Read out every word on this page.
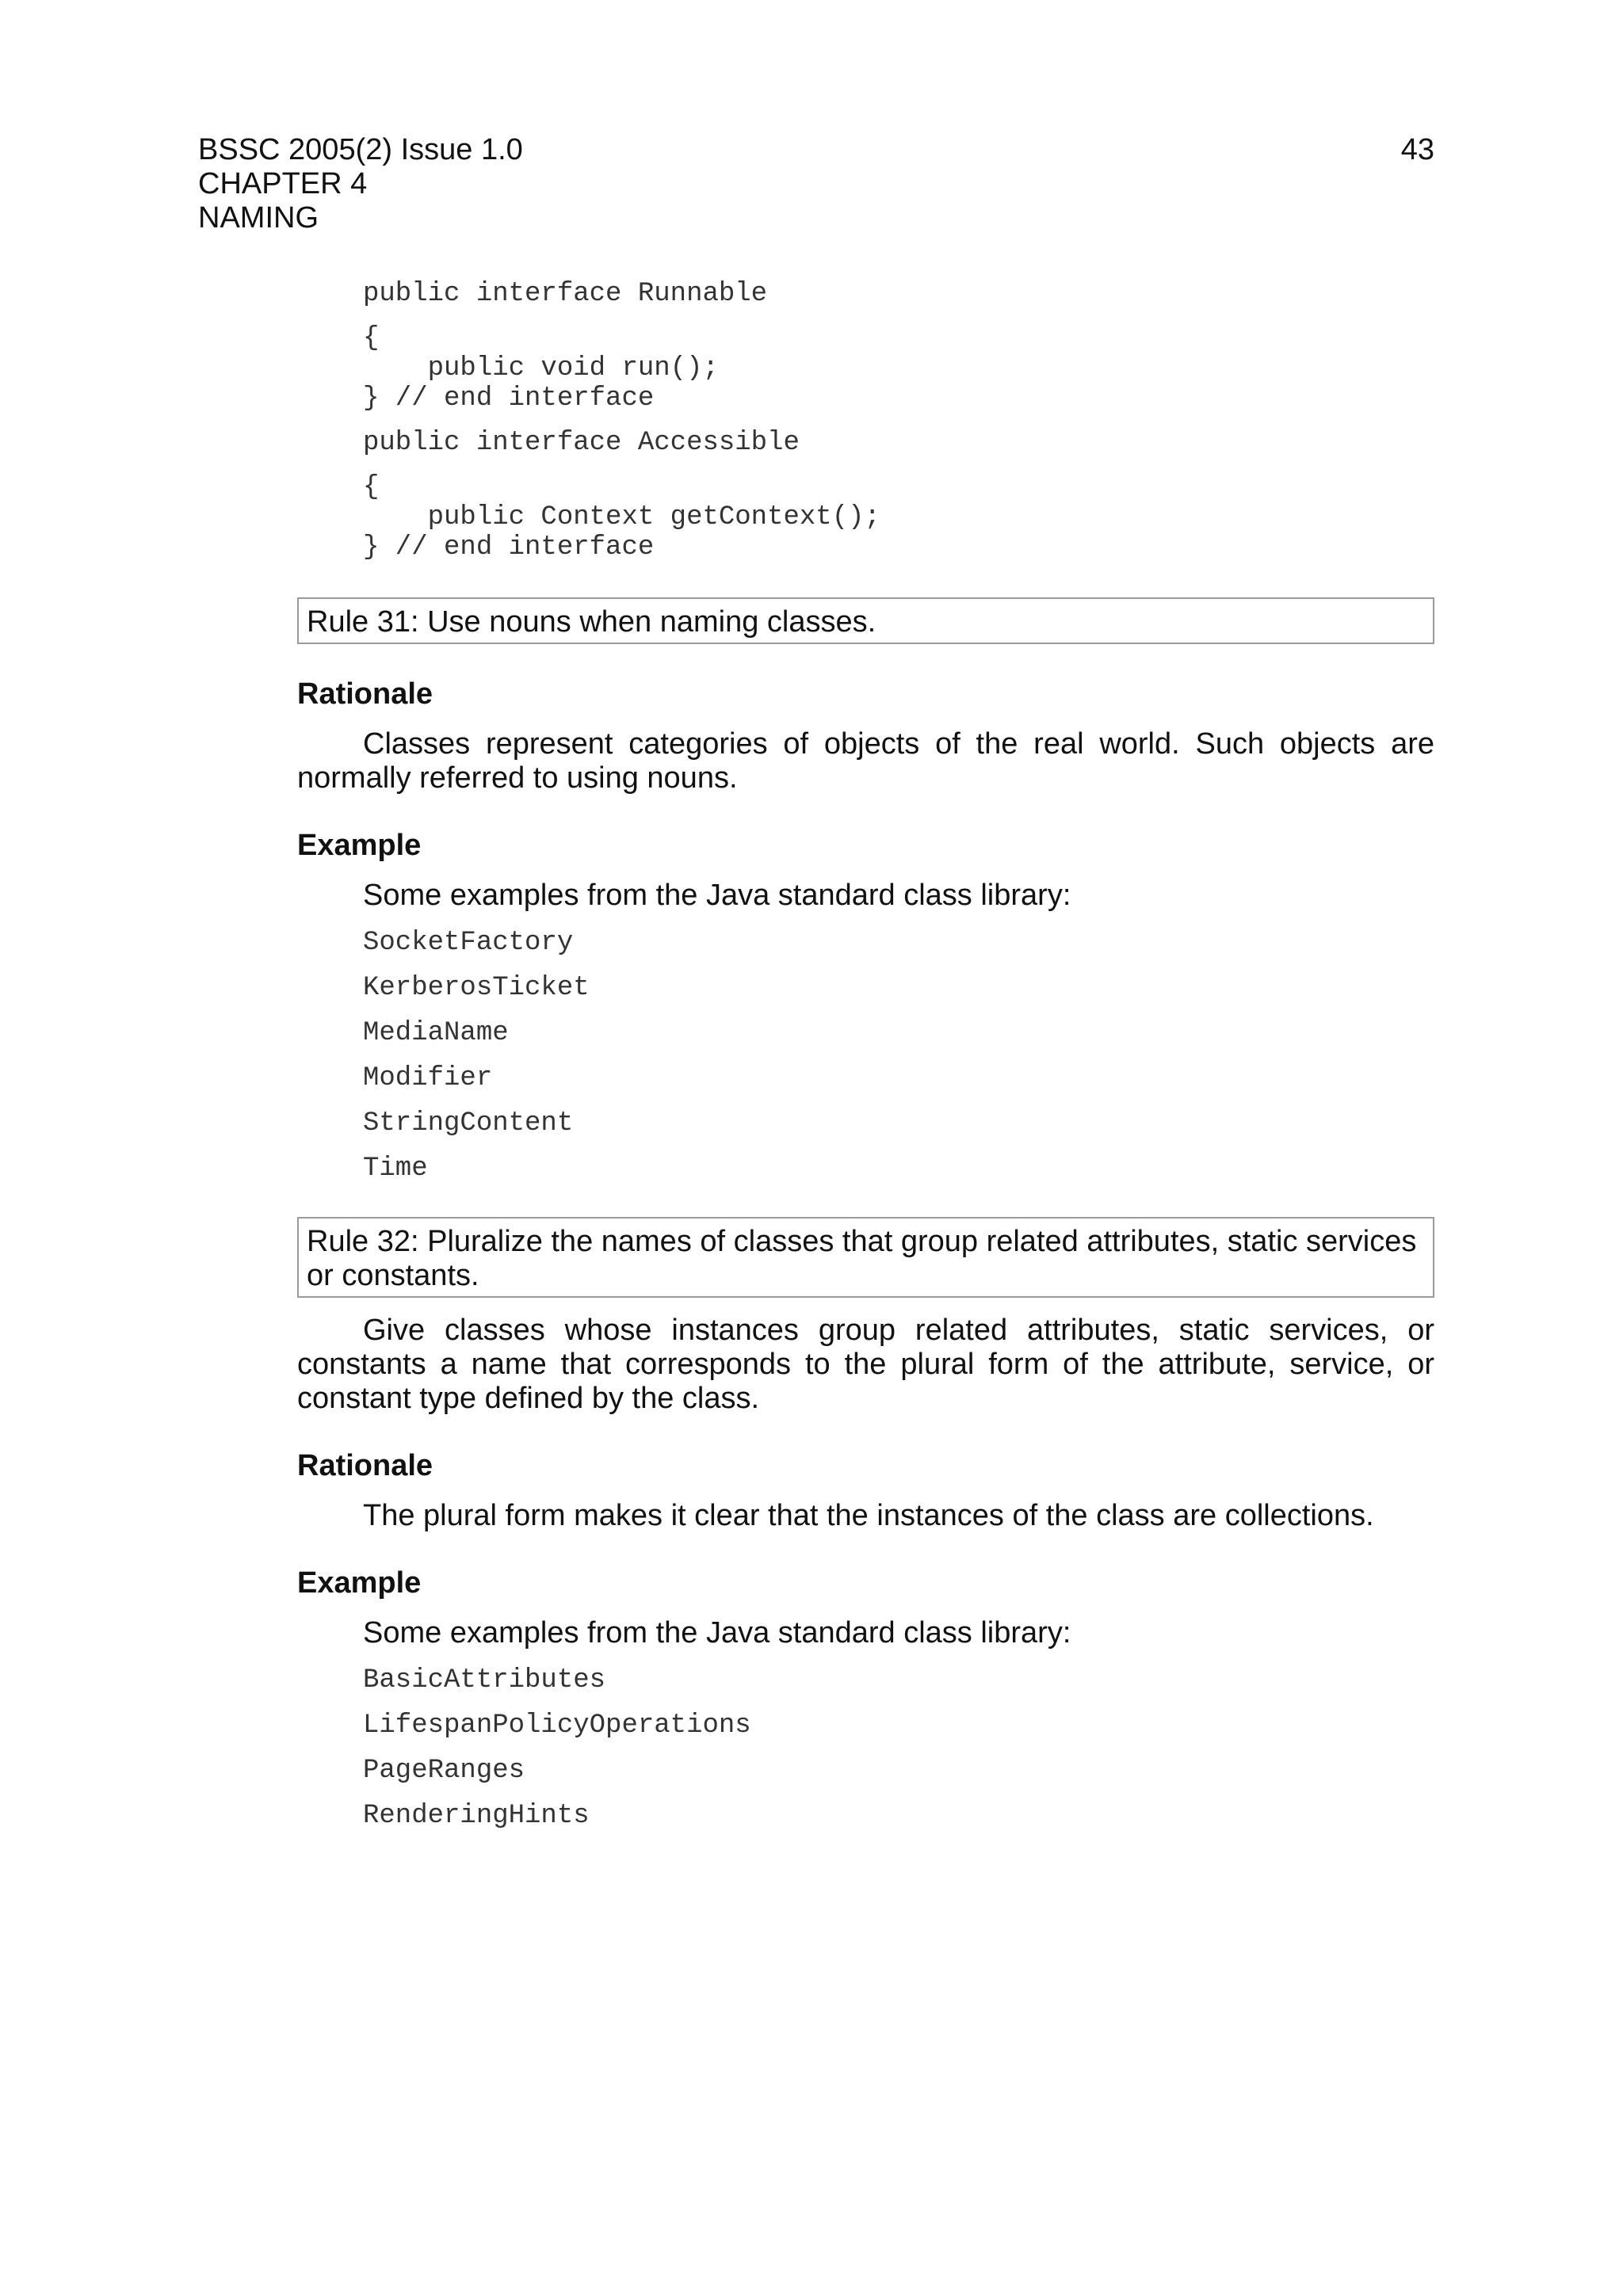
BSSC 2005(2) Issue 1.0
CHAPTER 4
NAMING
43
public interface Runnable
{
public void run();
} // end interface
public interface Accessible
{
public Context getContext();
} // end interface
Rule 31: Use nouns when naming classes.
Rationale
Classes represent categories of objects of the real world. Such objects are normally referred to using nouns.
Example
Some examples from the Java standard class library:
SocketFactory
KerberosTicket
MediaName
Modifier
StringContent
Time
Rule 32: Pluralize the names of classes that group related attributes, static services or constants.
Give classes whose instances group related attributes, static services, or constants a name that corresponds to the plural form of the attribute, service, or constant type defined by the class.
Rationale
The plural form makes it clear that the instances of the class are collections.
Example
Some examples from the Java standard class library:
BasicAttributes
LifespanPolicyOperations
PageRanges
RenderingHints
